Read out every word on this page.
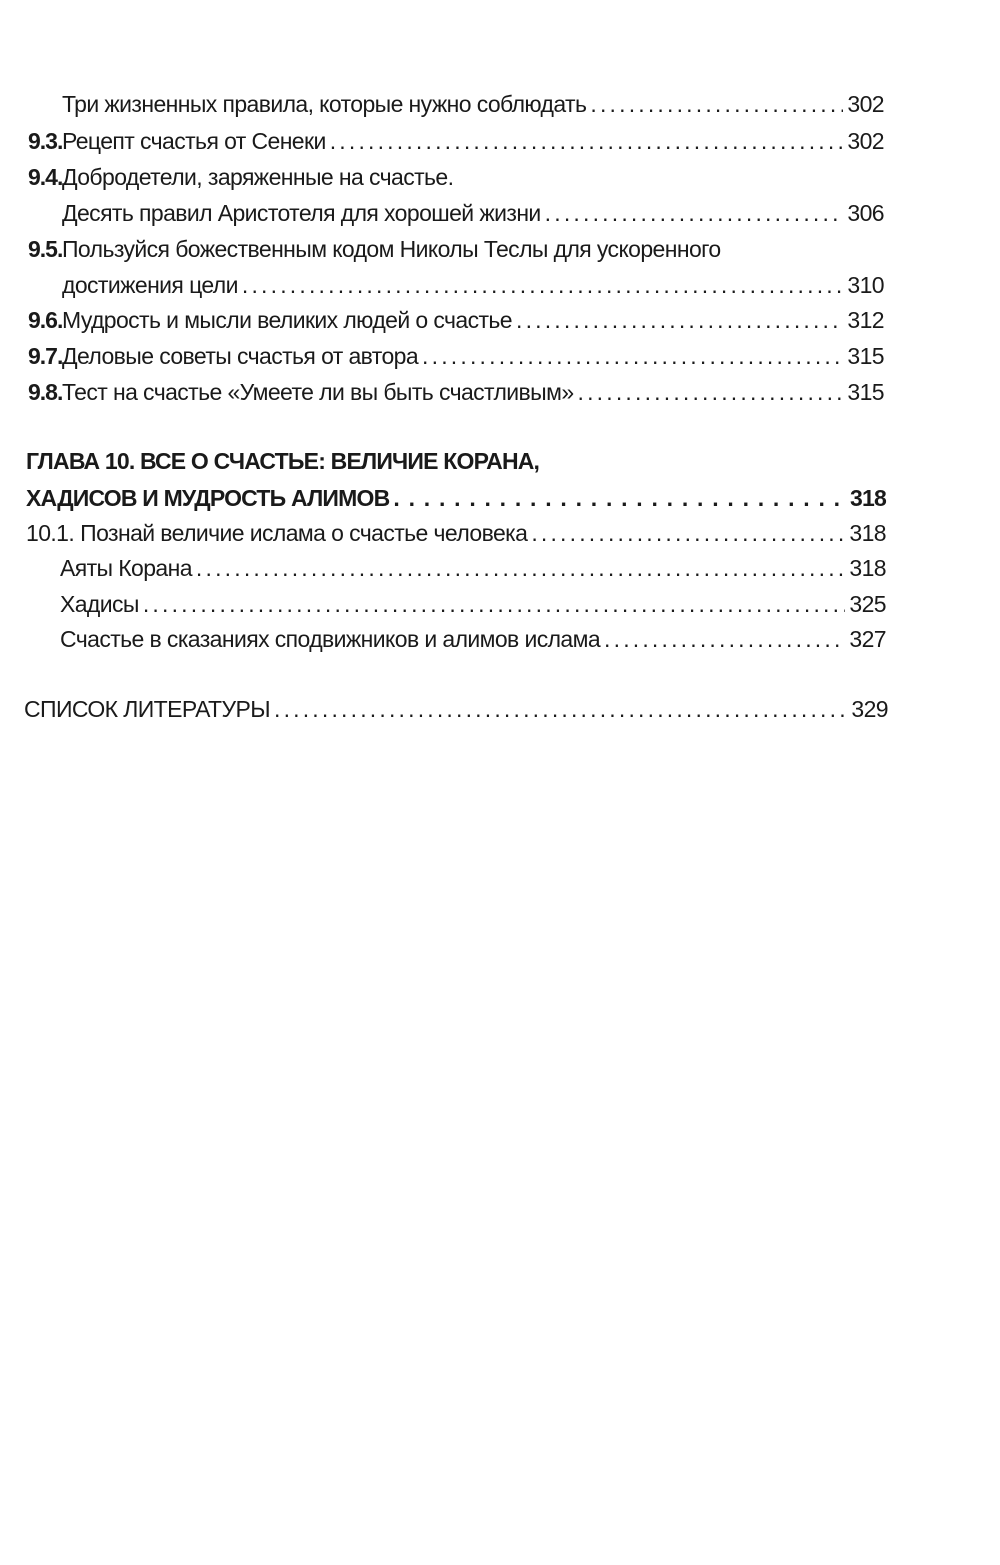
Три жизненных правила, которые нужно соблюдать . . .	302
9.3. Рецепт счастья от Сенеки . . .	302
9.4. Добродетели, заряженные на счастье.
Десять правил Аристотеля для хорошей жизни . . .	306
9.5. Пользуйся божественным кодом Николы Теслы для ускоренного
достижения цели . . .	310
9.6. Мудрость и мысли великих людей о счастье . . .	312
9.7. Деловые советы счастья от автора . . .	315
9.8. Тест на счастье «Умеете ли вы быть счастливым» . . .	315
ГЛАВА 10. ВСЕ О СЧАСТЬЕ: ВЕЛИЧИЕ КОРАНА,
ХАДИСОВ И МУДРОСТЬ АЛИМОВ . . .	318
10.1. Познай величие ислама о счастье человека . . .	318
Аяты Корана . . .	318
Хадисы . . .	325
Счастье в сказаниях сподвижников и алимов ислама . . .	327
СПИСОК ЛИТЕРАТУРЫ . . .	329
